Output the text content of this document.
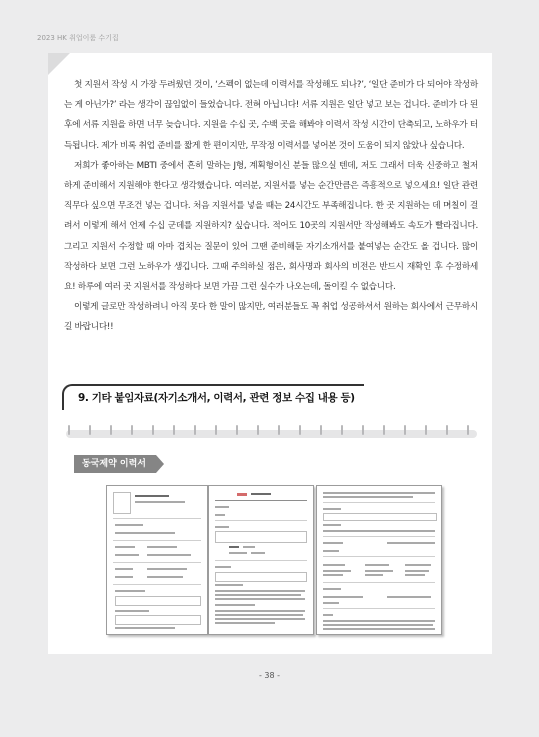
2023 HK 취업이룸 수기집

첫 지원서 작성 시 가장 두려웠던 것이, ‘스펙이 없는데 이력서를 작성해도 되나?’, ‘일단 준비가 다 되어야 작성하는 게 아닌가?’ 라는 생각이 끊임없이 들었습니다. 전혀 아닙니다! 서류 지원은 일단 넣고 보는 겁니다. 준비가 다 된 후에 서류 지원을 하면 너무 늦습니다. 지원을 수십 곳, 수백 곳을 해봐야 이력서 작성 시간이 단축되고, 노하우가 터득됩니다. 제가 비록 취업 준비를 짧게 한 편이지만, 무작정 이력서를 넣어본 것이 도움이 되지 않았나 싶습니다.

저희가 좋아하는 MBTI 중에서 흔히 말하는 J형, 계획형이신 분들 많으실 텐데, 저도 그래서 더욱 신중하고 철저하게 준비해서 지원해야 한다고 생각했습니다. 여러분, 지원서를 넣는 순간만큼은 즉흥적으로 넣으세요! 일단 관련 직무다 싶으면 무조건 넣는 겁니다. 처음 지원서를 넣을 때는 24시간도 부족해집니다. 한 곳 지원하는 데 며칠이 걸려서 이렇게 해서 언제 수십 군데를 지원하지? 싶습니다. 적어도 10곳의 지원서만 작성해봐도 속도가 빨라집니다. 그리고 지원서 수정할 때 아마 겹치는 질문이 있어 그땐 준비해둔 자기소개서를 붙여넣는 순간도 올 겁니다. 많이 작성하다 보면 그런 노하우가 생깁니다. 그때 주의하실 점은, 회사명과 회사의 비전은 반드시 재확인 후 수정하세요! 하루에 여러 곳 지원서를 작성하다 보면 가끔 그런 실수가 나오는데, 돌이킬 수 없습니다.

이렇게 글로만 작성하려니 아직 못다 한 말이 많지만, 여러분들도 꼭 취업 성공하셔서 원하는 회사에서 근무하시길 바랍니다!!

9. 기타 붙임자료(자기소개서, 이력서, 관련 정보 수집 내용 등)
동국제약 이력서
- 38 -
